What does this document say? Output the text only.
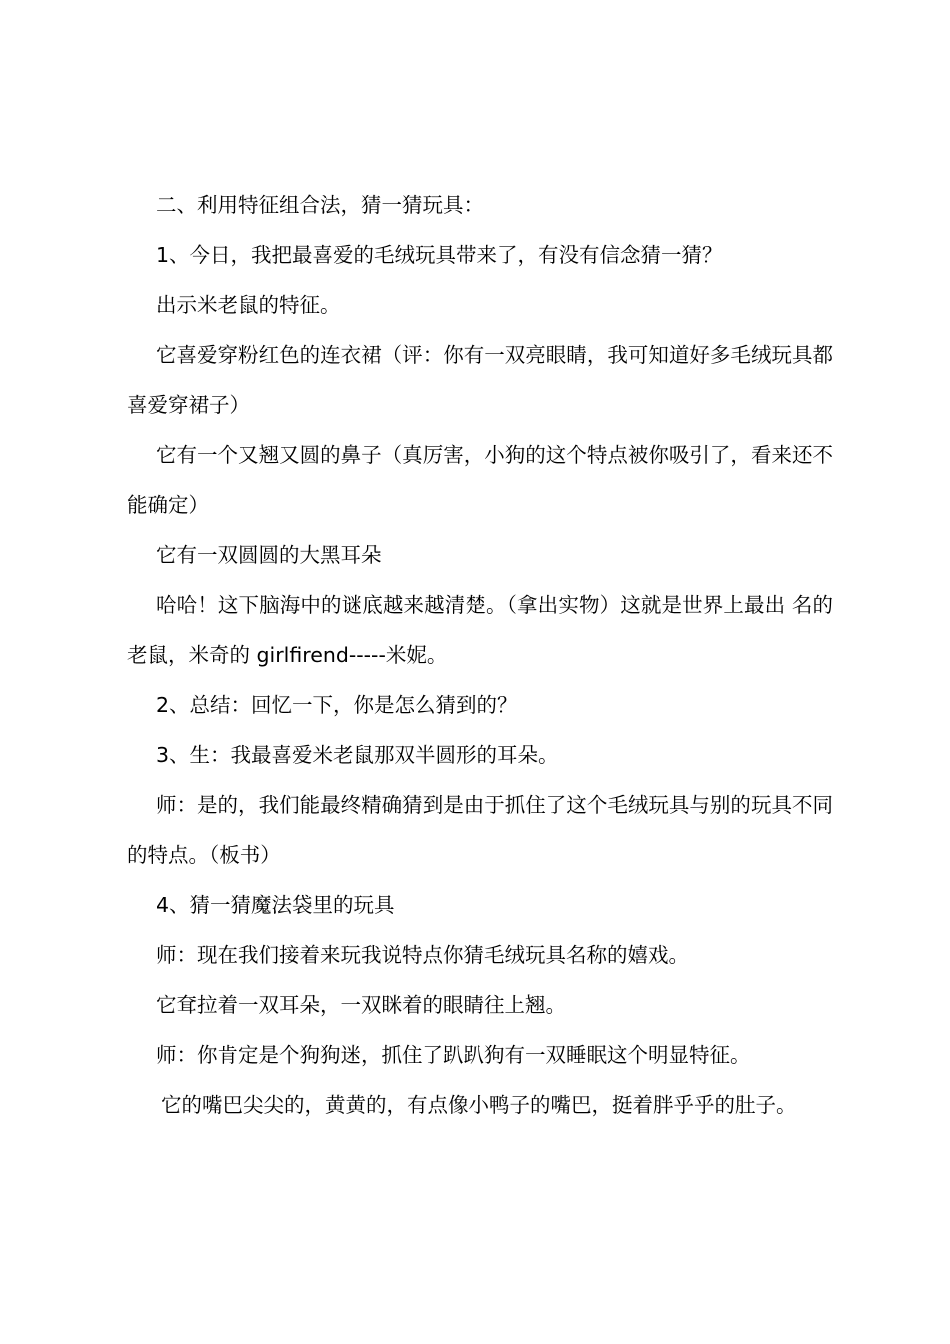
二、利用特征组合法，猜一猜玩具：

1、今日，我把最喜爱的毛绒玩具带来了，有没有信念猜一猜？

出示米老鼠的特征。

它喜爱穿粉红色的连衣裙（评：你有一双亮眼睛，我可知道好多毛绒玩具都喜爱穿裙子）

它有一个又翘又圆的鼻子（真厉害，小狗的这个特点被你吸引了，看来还不能确定）

它有一双圆圆的大黑耳朵

哈哈！这下脑海中的谜底越来越清楚。（拿出实物）这就是世界上最出 名的老鼠，米奇的 girlfirend-----米妮。

2、总结：回忆一下，你是怎么猜到的？

3、生：我最喜爱米老鼠那双半圆形的耳朵。

师：是的，我们能最终精确猜到是由于抓住了这个毛绒玩具与别的玩具不同的特点。（板书）

4、猜一猜魔法袋里的玩具

师：现在我们接着来玩我说特点你猜毛绒玩具名称的嬉戏。

它耷拉着一双耳朵，一双眯着的眼睛往上翘。

师：你肯定是个狗狗迷，抓住了趴趴狗有一双睡眠这个明显特征。

它的嘴巴尖尖的，黄黄的，有点像小鸭子的嘴巴，挺着胖乎乎的肚子。
